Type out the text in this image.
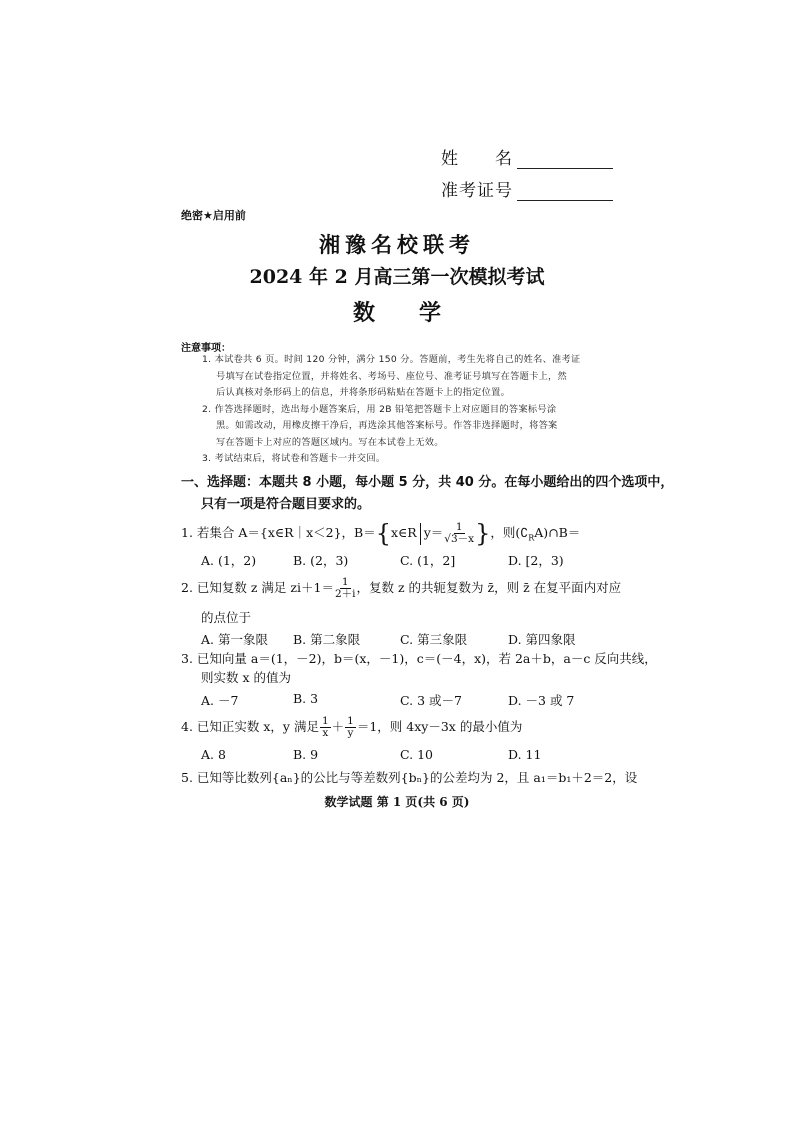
姓　　名
准考证号
绝密★启用前
湘豫名校联考
2024 年 2 月高三第一次模拟考试
数　　学
注意事项：
1. 本试卷共 6 页。时间 120 分钟，满分 150 分。答题前，考生先将自己的姓名、准考证
号填写在试卷指定位置，并将姓名、考场号、座位号、准考证号填写在答题卡上，然
后认真核对条形码上的信息，并将条形码粘贴在答题卡上的指定位置。
2. 作答选择题时，选出每小题答案后，用 2B 铅笔把答题卡上对应题目的答案标号涂
黑。如需改动，用橡皮擦干净后，再选涂其他答案标号。作答非选择题时，将答案
写在答题卡上对应的答题区域内。写在本试卷上无效。
3. 考试结束后，将试卷和答题卡一并交回。
一、选择题：本题共 8 小题，每小题 5 分，共 40 分。在每小题给出的四个选项中，
只有一项是符合题目要求的。
1. 若集合 A＝{x∈R｜x＜2}，B＝{x∈R $y= \frac{1}{√3-x}$ }，则$(∁_RA)\cap B=$
A. (1，2)	B. (2，3)	C. (1，2]	D. [2，3)
2. 已知复数 z 满足 $zi+1= \frac{1}{2+i}$ ，复数 z 的共轭复数为 z̄，则 z̄ 在复平面内对应
的点位于
A. 第一象限 B. 第二象限	C. 第三象限	D. 第四象限
3. 已知向量 a＝(1，－2)，b＝(x，－1)，c＝(－4，x)，若 2a＋b，a－c 反向共线，
则实数 x 的值为
A. －7	B. 3	C. 3 或－7	D. －3 或 7
4. 已知正实数 x，y 满足 $\frac{1}{x} + \frac{1}{y} =1$，则 4xy－3x 的最小值为
A. 8	B. 9	C. 10	D. 11
5. 已知等比数列{aₙ}的公比与等差数列{bₙ}的公差均为 2，且 a₁＝b₁＋2＝2，设
数学试题 第 1 页(共 6 页)
